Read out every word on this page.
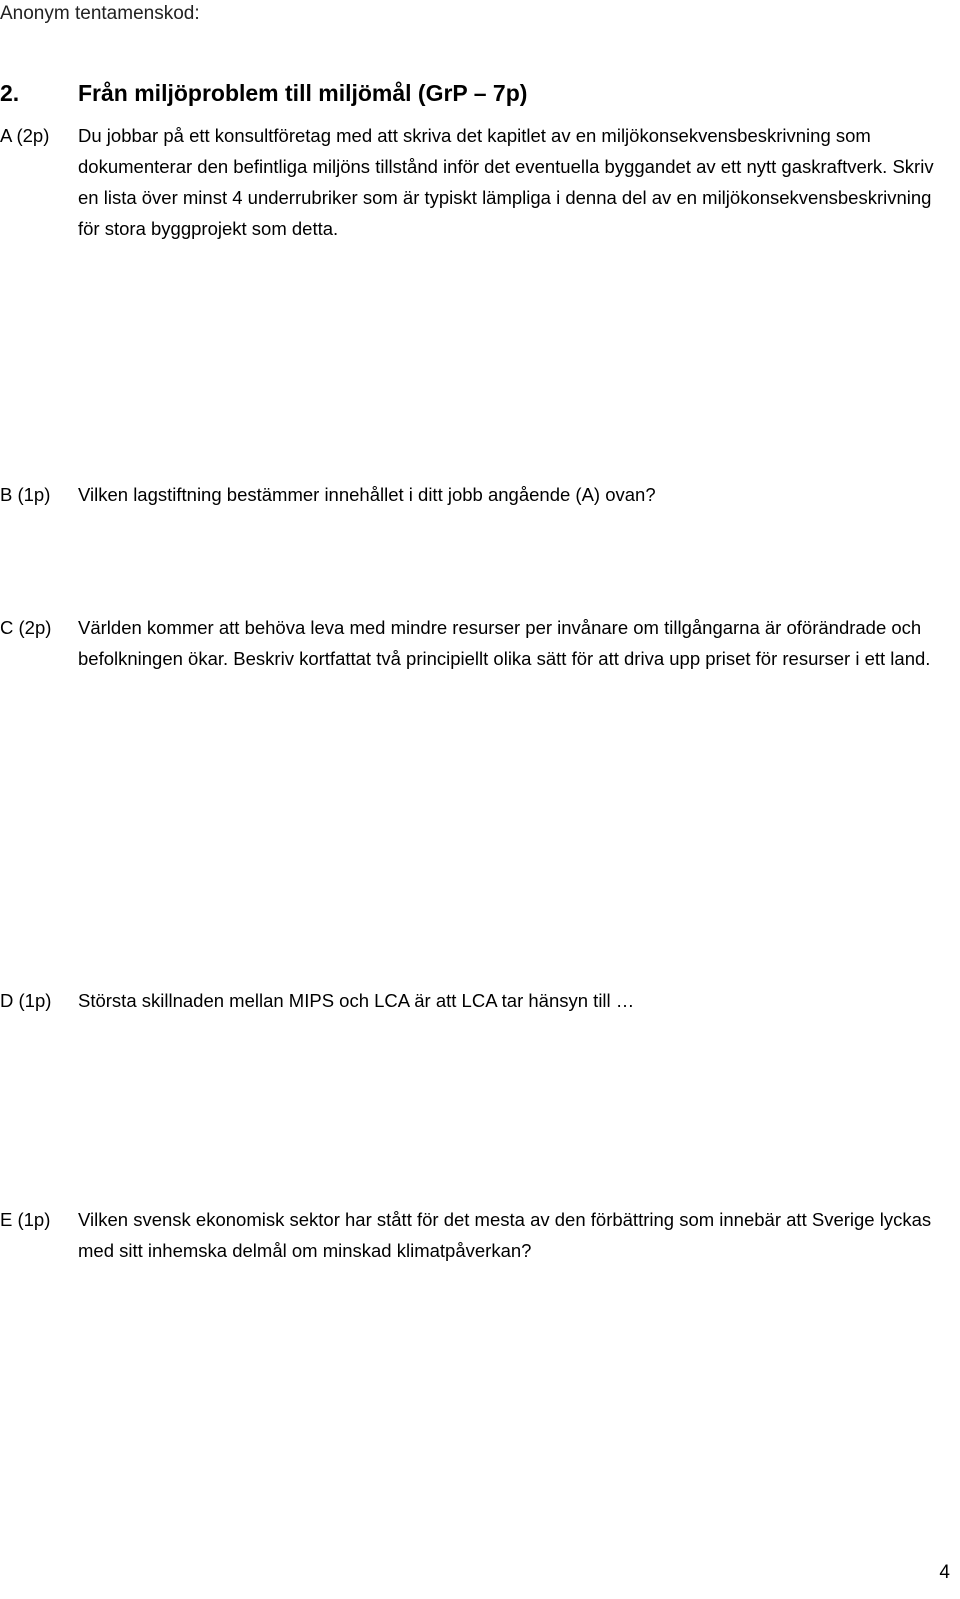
Anonym tentamenskod:
2.	Från miljöproblem till miljömål (GrP – 7p)
A (2p) Du jobbar på ett konsultföretag med att skriva det kapitlet av en miljökonsekvensbeskrivning som dokumenterar den befintliga miljöns tillstånd inför det eventuella byggandet av ett nytt gaskraftverk. Skriv en lista över minst 4 underrubriker som är typiskt lämpliga i denna del av en miljökonsekvensbeskrivning för stora byggprojekt som detta.
B (1p) Vilken lagstiftning bestämmer innehållet i ditt jobb angående (A) ovan?
C (2p) Världen kommer att behöva leva med mindre resurser per invånare om tillgångarna är oförändrade och befolkningen ökar. Beskriv kortfattat två principiellt olika sätt för att driva upp priset för resurser i ett land.
D (1p) Största skillnaden mellan MIPS och LCA är att LCA tar hänsyn till …
E (1p) Vilken svensk ekonomisk sektor har stått för det mesta av den förbättring som innebär att Sverige lyckas med sitt inhemska delmål om minskad klimatpåverkan?
4
